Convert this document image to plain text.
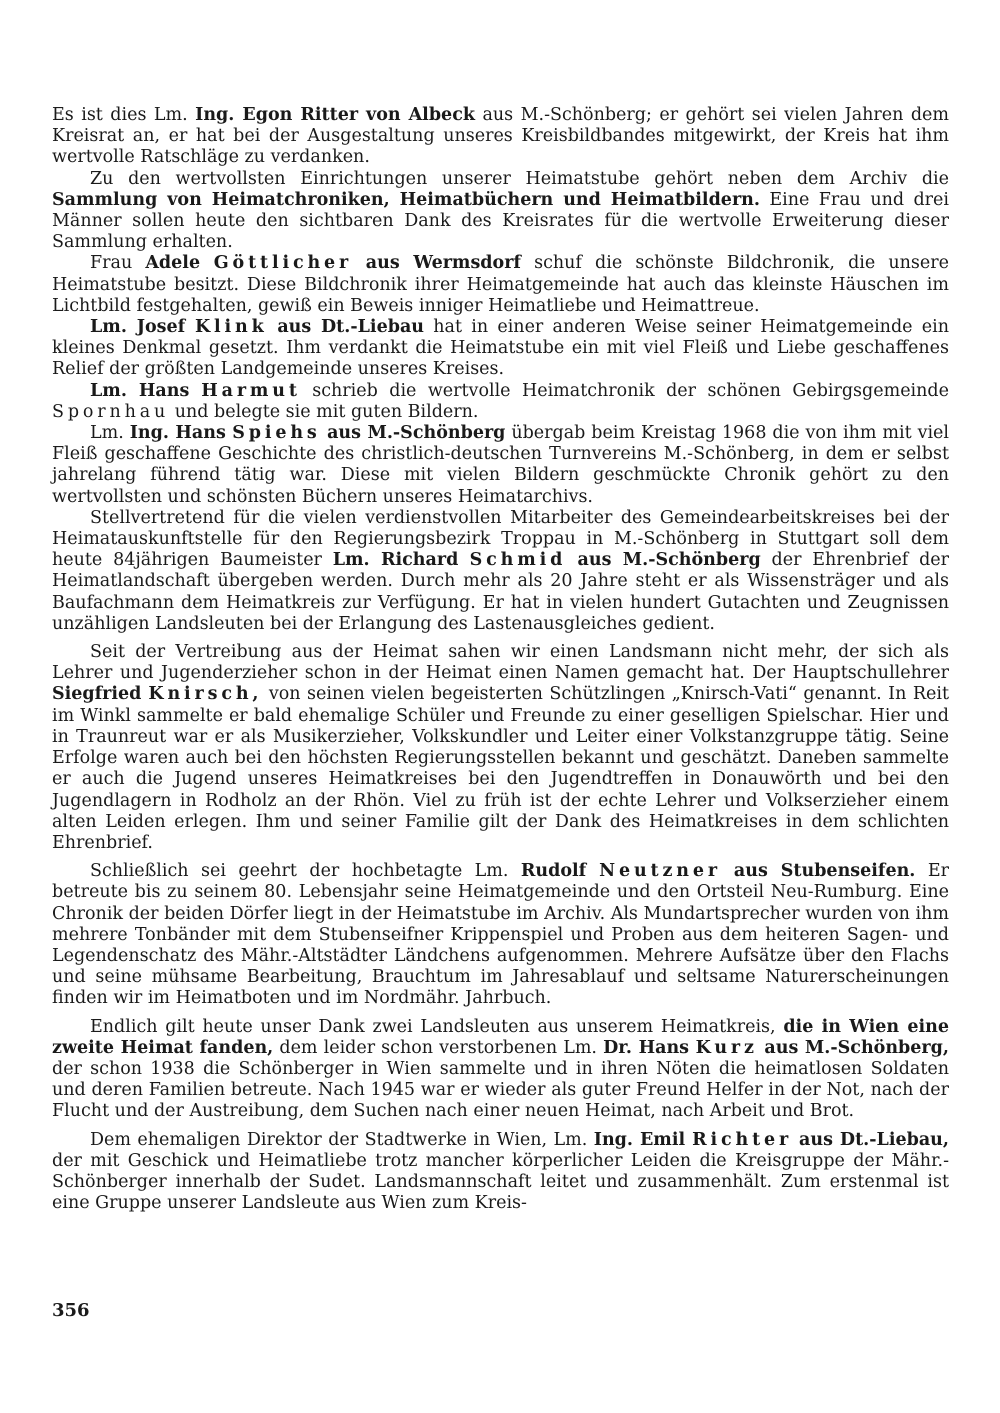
Es ist dies Lm. Ing. Egon Ritter von Albeck aus M.-Schönberg; er gehört sei vielen Jahren dem Kreisrat an, er hat bei der Ausgestaltung unseres Kreisbildbandes mitgewirkt, der Kreis hat ihm wertvolle Ratschläge zu verdanken.

Zu den wertvollsten Einrichtungen unserer Heimatstube gehört neben dem Archiv die Sammlung von Heimatchroniken, Heimatbüchern und Heimatbildern. Eine Frau und drei Männer sollen heute den sichtbaren Dank des Kreisrates für die wertvolle Erweiterung dieser Sammlung erhalten.

Frau Adele Göttlicher aus Wermsdorf schuf die schönste Bildchronik, die unsere Heimatstube besitzt. Diese Bildchronik ihrer Heimatgemeinde hat auch das kleinste Häuschen im Lichtbild festgehalten, gewiß ein Beweis inniger Heimatliebe und Heimattreue.

Lm. Josef Klink aus Dt.-Liebau hat in einer anderen Weise seiner Heimatgemeinde ein kleines Denkmal gesetzt. Ihm verdankt die Heimatstube ein mit viel Fleiß und Liebe geschaffenes Relief der größten Landgemeinde unseres Kreises.

Lm. Hans Harmut schrieb die wertvolle Heimatchronik der schönen Gebirgsgemeinde Spornhau und belegte sie mit guten Bildern.

Lm. Ing. Hans Spiehs aus M.-Schönberg übergab beim Kreistag 1968 die von ihm mit viel Fleiß geschaffene Geschichte des christlich-deutschen Turnvereins M.-Schönberg, in dem er selbst jahrelang führend tätig war. Diese mit vielen Bildern geschmückte Chronik gehört zu den wertvollsten und schönsten Büchern unseres Heimatarchivs.

Stellvertretend für die vielen verdienstvollen Mitarbeiter des Gemeindearbeitskreises bei der Heimatauskunftstelle für den Regierungsbezirk Troppau in M.-Schönberg in Stuttgart soll dem heute 84jährigen Baumeister Lm. Richard Schmid aus M.-Schönberg der Ehrenbrief der Heimatlandschaft übergeben werden. Durch mehr als 20 Jahre steht er als Wissensträger und als Baufachmann dem Heimatkreis zur Verfügung. Er hat in vielen hundert Gutachten und Zeugnissen unzähligen Landsleuten bei der Erlangung des Lastenausgleiches gedient.

Seit der Vertreibung aus der Heimat sahen wir einen Landsmann nicht mehr, der sich als Lehrer und Jugenderzieher schon in der Heimat einen Namen gemacht hat. Der Hauptschullehrer Siegfried Knirsch, von seinen vielen begeisterten Schützlingen „Knirsch-Vati“ genannt. In Reit im Winkl sammelte er bald ehemalige Schüler und Freunde zu einer geselligen Spielschar. Hier und in Traunreut war er als Musikerzieher, Volkskundler und Leiter einer Volkstanzgruppe tätig. Seine Erfolge waren auch bei den höchsten Regierungsstellen bekannt und geschätzt. Daneben sammelte er auch die Jugend unseres Heimatkreises bei den Jugendtreffen in Donauwörth und bei den Jugendlagern in Rodholz an der Rhön. Viel zu früh ist der echte Lehrer und Volkserzieher einem alten Leiden erlegen. Ihm und seiner Familie gilt der Dank des Heimatkreises in dem schlichten Ehrenbrief.

Schließlich sei geehrt der hochbetagte Lm. Rudolf Neutzner aus Stubenseifen. Er betreute bis zu seinem 80. Lebensjahr seine Heimatgemeinde und den Ortsteil Neu-Rumburg. Eine Chronik der beiden Dörfer liegt in der Heimatstube im Archiv. Als Mundartsprecher wurden von ihm mehrere Tonbänder mit dem Stubenseifner Krippenspiel und Proben aus dem heiteren Sagen- und Legendenschatz des Mähr.-Altstädter Ländchens aufgenommen. Mehrere Aufsätze über den Flachs und seine mühsame Bearbeitung, Brauchtum im Jahresablauf und seltsame Naturerscheinungen finden wir im Heimatboten und im Nordmähr. Jahrbuch.

Endlich gilt heute unser Dank zwei Landsleuten aus unserem Heimatkreis, die in Wien eine zweite Heimat fanden, dem leider schon verstorbenen Lm. Dr. Hans Kurz aus M.-Schönberg, der schon 1938 die Schönberger in Wien sammelte und in ihren Nöten die heimatlosen Soldaten und deren Familien betreute. Nach 1945 war er wieder als guter Freund Helfer in der Not, nach der Flucht und der Austreibung, dem Suchen nach einer neuen Heimat, nach Arbeit und Brot.

Dem ehemaligen Direktor der Stadtwerke in Wien, Lm. Ing. Emil Richter aus Dt.-Liebau, der mit Geschick und Heimatliebe trotz mancher körperlicher Leiden die Kreisgruppe der Mähr.-Schönberger innerhalb der Sudet. Landsmannschaft leitet und zusammenhält. Zum erstenmal ist eine Gruppe unserer Landsleute aus Wien zum Kreis-

356
